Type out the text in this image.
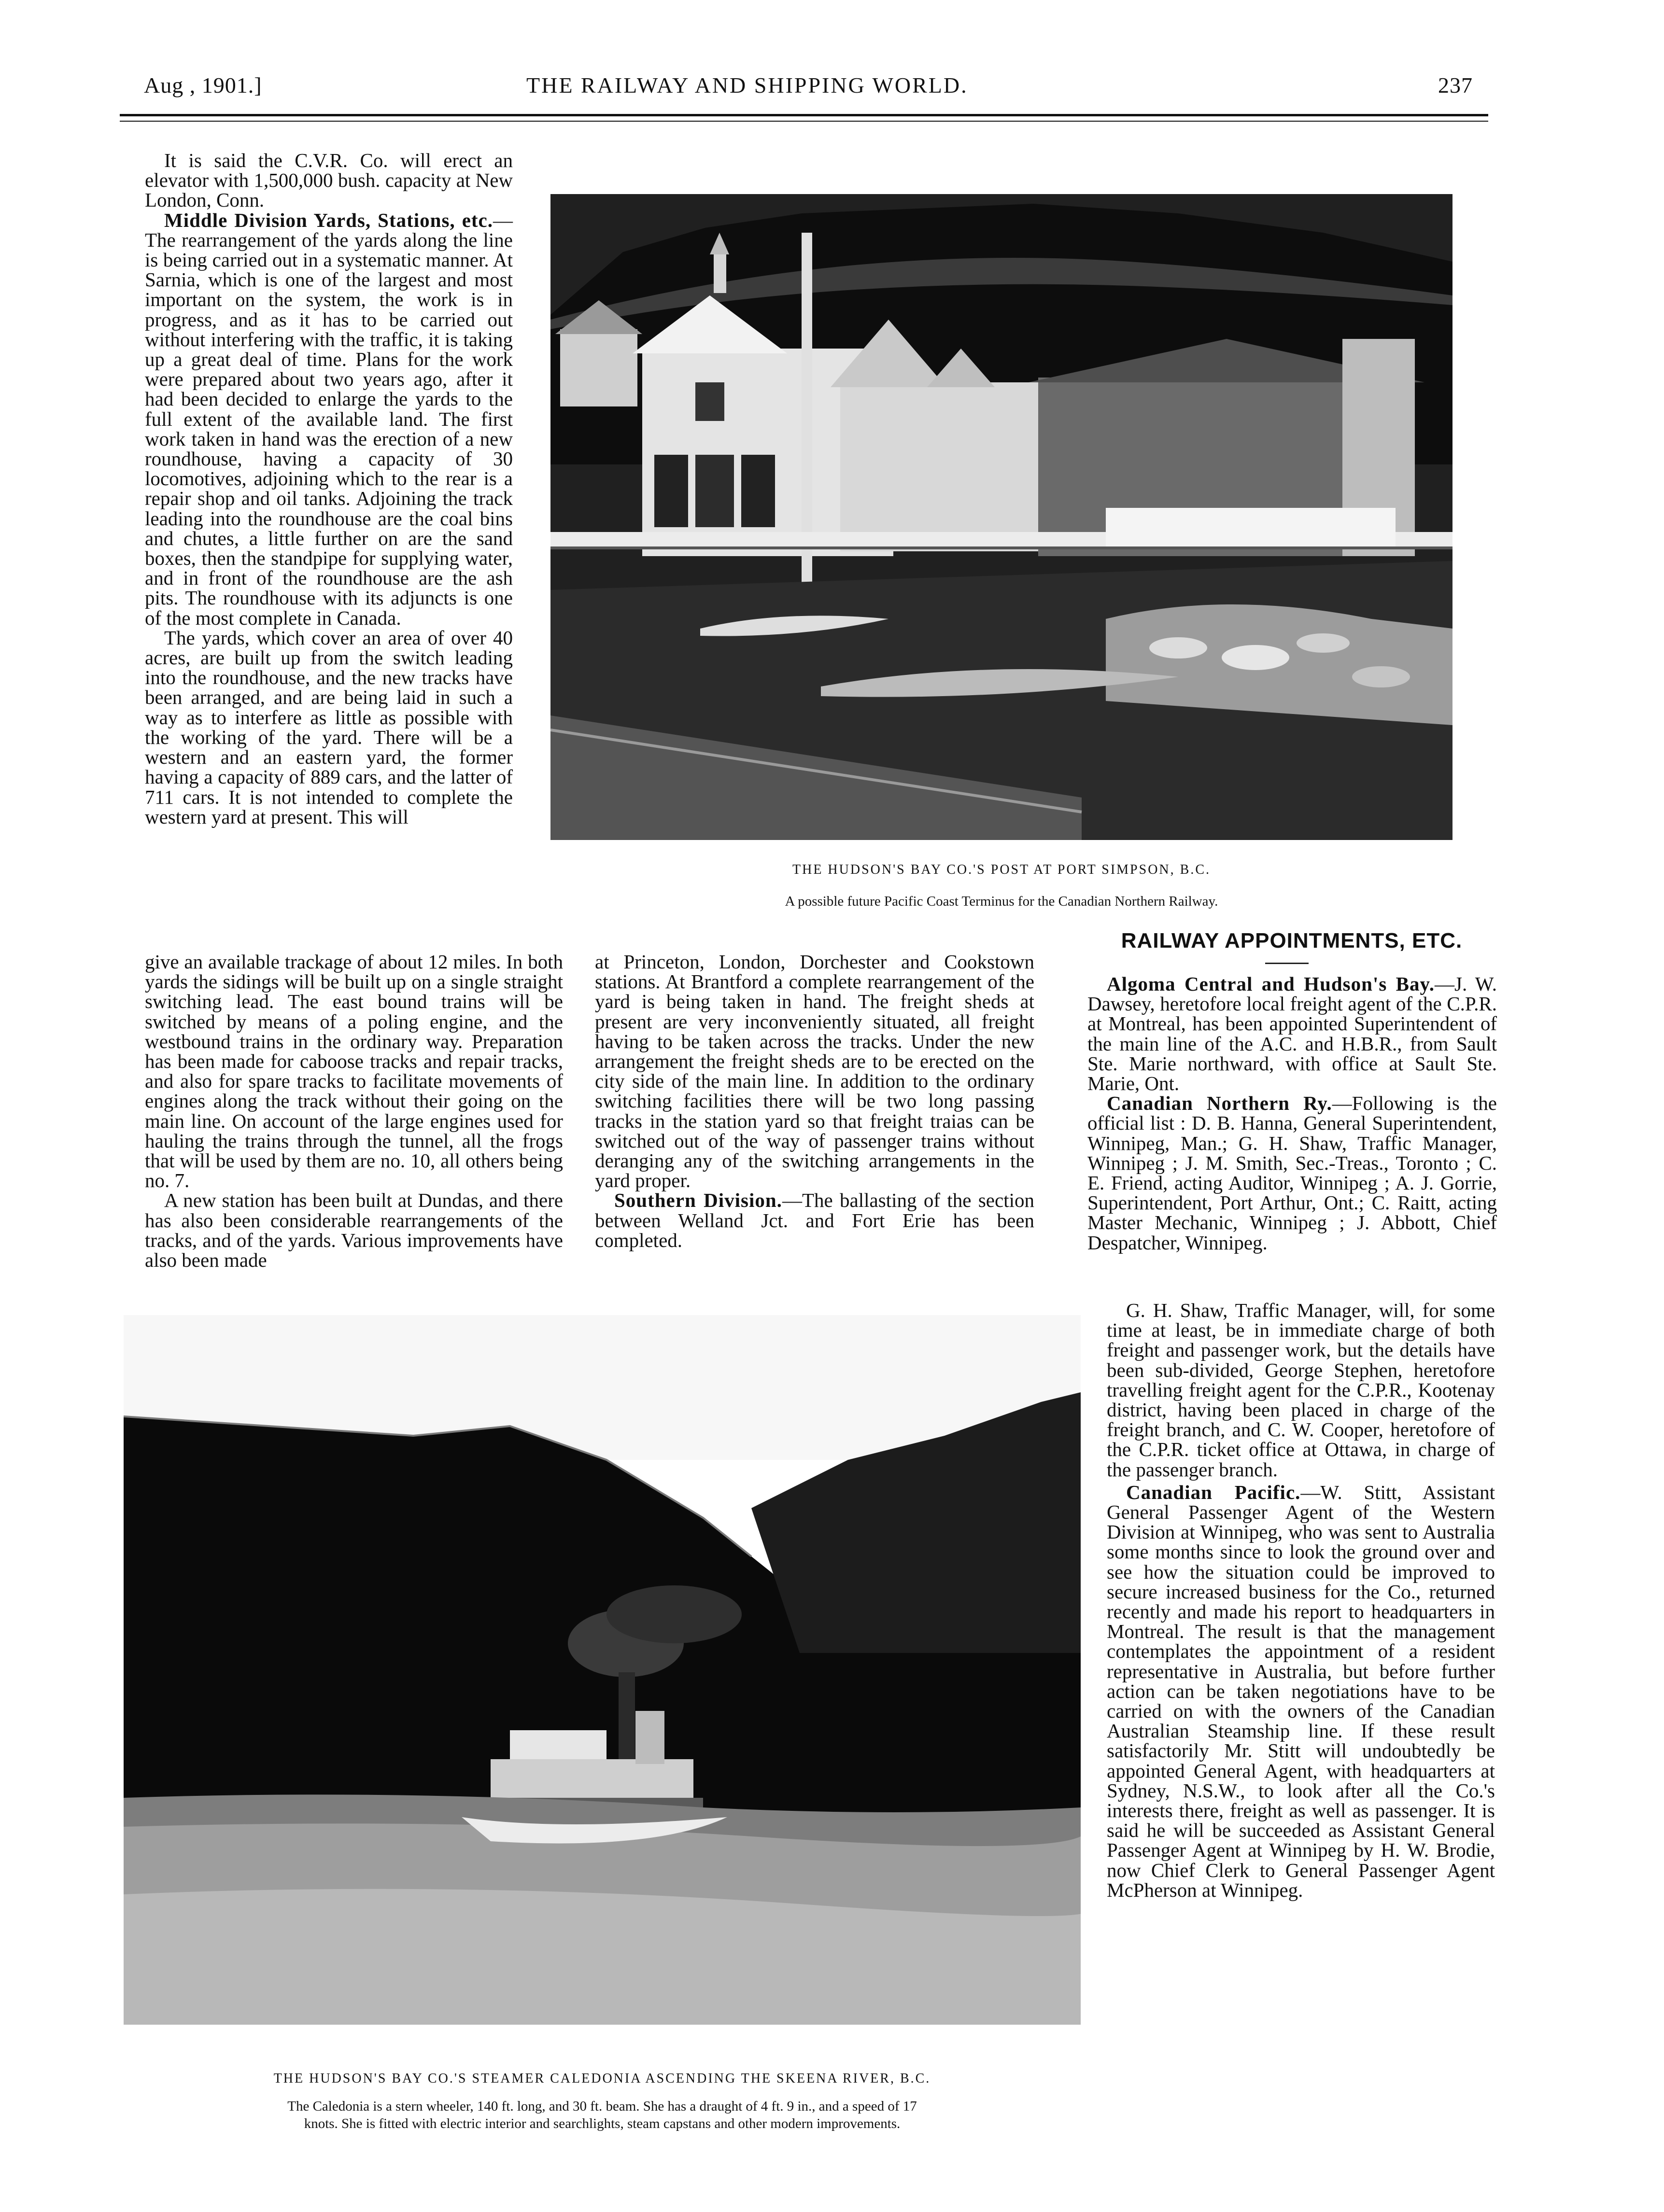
Aug , 1901.]	THE RAILWAY AND SHIPPING WORLD.	237

It is said the C.V.R. Co. will erect an elevator with 1,500,000 bush. capacity at New London, Conn.

Middle Division Yards, Stations, etc.—The rearrangement of the yards along the line is being carried out in a systematic manner. At Sarnia, which is one of the largest and most important on the system, the work is in progress, and as it has to be carried out without interfering with the traffic, it is taking up a great deal of time. Plans for the work were prepared about two years ago, after it had been decided to enlarge the yards to the full extent of the available land. The first work taken in hand was the erection of a new roundhouse, having a capacity of 30 locomotives, adjoining which to the rear is a repair shop and oil tanks. Adjoining the track leading into the roundhouse are the coal bins and chutes, a little further on are the sand boxes, then the standpipe for supplying water, and in front of the roundhouse are the ash pits. The roundhouse with its adjuncts is one of the most complete in Canada.

The yards, which cover an area of over 40 acres, are built up from the switch leading into the roundhouse, and the new tracks have been arranged, and are being laid in such a way as to interfere as little as possible with the working of the yard. There will be a western and an eastern yard, the former having a capacity of 889 cars, and the latter of 711 cars. It is not intended to complete the western yard at present. This will

give an available trackage of about 12 miles. In both yards the sidings will be built up on a single straight switching lead. The east bound trains will be switched by means of a poling engine, and the westbound trains in the ordinary way. Preparation has been made for caboose tracks and repair tracks, and also for spare tracks to facilitate movements of engines along the track without their going on the main line. On account of the large engines used for hauling the trains through the tunnel, all the frogs that will be used by them are no. 10, all others being no. 7.

A new station has been built at Dundas, and there has also been considerable rearrangements of the tracks, and of the yards. Various improvements have also been made

at Princeton, London, Dorchester and Cookstown stations. At Brantford a complete rearrangement of the yard is being taken in hand. The freight sheds at present are very inconveniently situated, all freight having to be taken across the tracks. Under the new arrangement the freight sheds are to be erected on the city side of the main line. In addition to the ordinary switching facilities there will be two long passing tracks in the station yard so that freight traias can be switched out of the way of passenger trains without deranging any of the switching arrangements in the yard proper.

Southern Division.—The ballasting of the section between Welland Jct. and Fort Erie has been completed.

THE HUDSON'S BAY CO.'S POST AT PORT SIMPSON, B.C.
A possible future Pacific Coast Terminus for the Canadian Northern Railway.
RAILWAY APPOINTMENTS, ETC.

Algoma Central and Hudson's Bay.—J. W. Dawsey, heretofore local freight agent of the C.P.R. at Montreal, has been appointed Superintendent of the main line of the A.C. and H.B.R., from Sault Ste. Marie northward, with office at Sault Ste. Marie, Ont.

Canadian Northern Ry.—Following is the official list : D. B. Hanna, General Superintendent, Winnipeg, Man.; G. H. Shaw, Traffic Manager, Winnipeg ; J. M. Smith, Sec.-Treas., Toronto ; C. E. Friend, acting Auditor, Winnipeg ; A. J. Gorrie, Superintendent, Port Arthur, Ont.; C. Raitt, acting Master Mechanic, Winnipeg ; J. Abbott, Chief Despatcher, Winnipeg.

G. H. Shaw, Traffic Manager, will, for some time at least, be in immediate charge of both freight and passenger work, but the details have been sub-divided, George Stephen, heretofore travelling freight agent for the C.P.R., Kootenay district, having been placed in charge of the freight branch, and C. W. Cooper, heretofore of the C.P.R. ticket office at Ottawa, in charge of the passenger branch.

Canadian Pacific.—W. Stitt, Assistant General Passenger Agent of the Western Division at Winnipeg, who was sent to Australia some months since to look the ground over and see how the situation could be improved to secure increased business for the Co., returned recently and made his report to headquarters in Montreal. The result is that the management contemplates the appointment of a resident representative in Australia, but before further action can be taken negotiations have to be carried on with the owners of the Canadian Australian Steamship line. If these result satisfactorily Mr. Stitt will undoubtedly be appointed General Agent, with headquarters at Sydney, N.S.W., to look after all the Co.'s interests there, freight as well as passenger. It is said he will be succeeded as Assistant General Passenger Agent at Winnipeg by H. W. Brodie, now Chief Clerk to General Passenger Agent McPherson at Winnipeg.

THE HUDSON'S BAY CO.'S STEAMER CALEDONIA ASCENDING THE SKEENA RIVER, B.C.
The Caledonia is a stern wheeler, 140 ft. long, and 30 ft. beam. She has a draught of 4 ft. 9 in., and a speed of 17
knots. She is fitted with electric interior and searchlights, steam capstans and other modern improvements.
